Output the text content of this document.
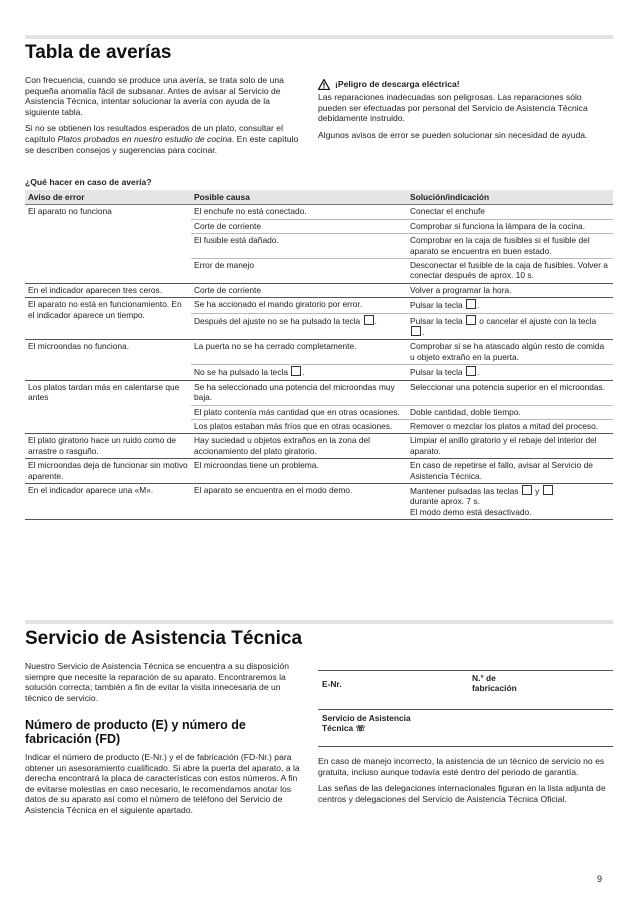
Tabla de averías

Con frecuencia, cuando se produce una avería, se trata solo de una pequeña anomalía fácil de subsanar. Antes de avisar al Servicio de Asistencia Técnica, intentar solucionar la avería con ayuda de la siguiente tabla.

Si no se obtienen los resultados esperados de un plato, consultar el capítulo Platos probados en nuestro estudio de cocina. En este capítulo se describen consejos y sugerencias para cocinar.

¡Peligro de descarga eléctrica!

Las reparaciones inadecuadas son peligrosas. Las reparaciones sólo pueden ser efectuadas por personal del Servicio de Asistencia Técnica debidamente instruido.

Algunos avisos de error se pueden solucionar sin necesidad de ayuda.

¿Qué hacer en caso de avería?
Aviso de error	Posible causa	Solución/indicación
El aparato no funciona	El enchufe no está conectado.	Conectar el enchufe
	Corte de corriente	Comprobar si funciona la lámpara de la cocina.
	El fusible está dañado.	Comprobar en la caja de fusibles si el fusible del aparato se encuentra en buen estado.
	Error de manejo	Desconectar el fusible de la caja de fusibles. Volver a conectar después de aprox. 10 s.
En el indicador aparecen tres ceros.	Corte de corriente	Volver a programar la hora.
El aparato no está en funcionamiento. En el indicador aparece un tiempo.	Se ha accionado el mando giratorio por error.	Pulsar la tecla .
	Después del ajuste no se ha pulsado la tecla .	Pulsar la tecla o cancelar el ajuste con la tecla .
El microondas no funciona.	La puerta no se ha cerrado completamente.	Comprobar si se ha atascado algún resto de comida u objeto extraño en la puerta.
	No se ha pulsado la tecla .	Pulsar la tecla .
Los platos tardan más en calentarse que antes	Se ha seleccionado una potencia del microondas muy baja.	Seleccionar una potencia superior en el microondas.
	El plato contenía más cantidad que en otras ocasiones.	Doble cantidad, doble tiempo.
	Los platos estaban más fríos que en otras ocasiones.	Remover o mezclar los platos a mitad del proceso.
El plato giratorio hace un ruido como de arrastre o rasguño.	Hay suciedad u objetos extraños en la zona del accionamiento del plato giratorio.	Limpiar el anillo giratorio y el rebaje del interior del aparato.
El microondas deja de funcionar sin motivo aparente.	El microondas tiene un problema.	En caso de repetirse el fallo, avisar al Servicio de Asistencia Técnica.
En el indicador aparece una «M».	El aparato se encuentra en el modo demo.	Mantener pulsadas las teclas y
durante aprox. 7 s.
El modo demo está desactivado.
Servicio de Asistencia Técnica

Nuestro Servicio de Asistencia Técnica se encuentra a su disposición siempre que necesite la reparación de su aparato. Encontraremos la solución correcta; también a fin de evitar la visita innecesaria de un técnico de servicio.

Número de producto (E) y número de fabricación (FD)

Indicar el número de producto (E-Nr.) y el de fabricación (FD-Nr.) para obtener un asesoramiento cualificado. Si abre la puerta del aparato, a la derecha encontrará la placa de características con estos números. A fin de evitarse molestias en caso necesario, le recomendamos anotar los datos de su aparato así como el número de teléfono del Servicio de Asistencia Técnica en el siguiente apartado.

E-Nr.
N.° de fabricación
Servicio de Asistencia Técnica ☏

En caso de manejo incorrecto, la asistencia de un técnico de servicio no es gratuita, incluso aunque todavía esté dentro del periodo de garantía.

Las señas de las delegaciones internacionales figuran en la lista adjunta de centros y delegaciones del Servicio de Asistencia Técnica Oficial.

9
